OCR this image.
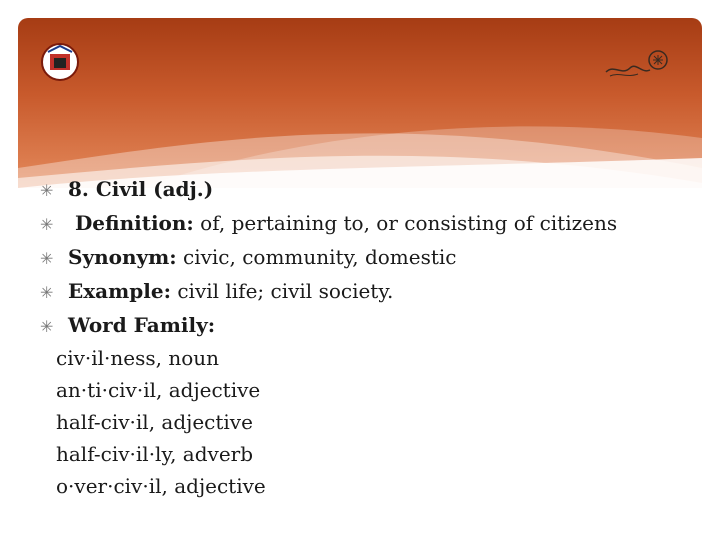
✳ 8. Civil (adj.)
✳ Definition: of, pertaining to, or consisting of citizens
✳ Synonym: civic, community, domestic
✳ Example: civil life; civil society.
✳ Word Family:
civ·il·ness, noun
an·ti·civ·il, adjective
half-civ·il, adjective
half-civ·il·ly, adverb
o·ver·civ·il, adjective
